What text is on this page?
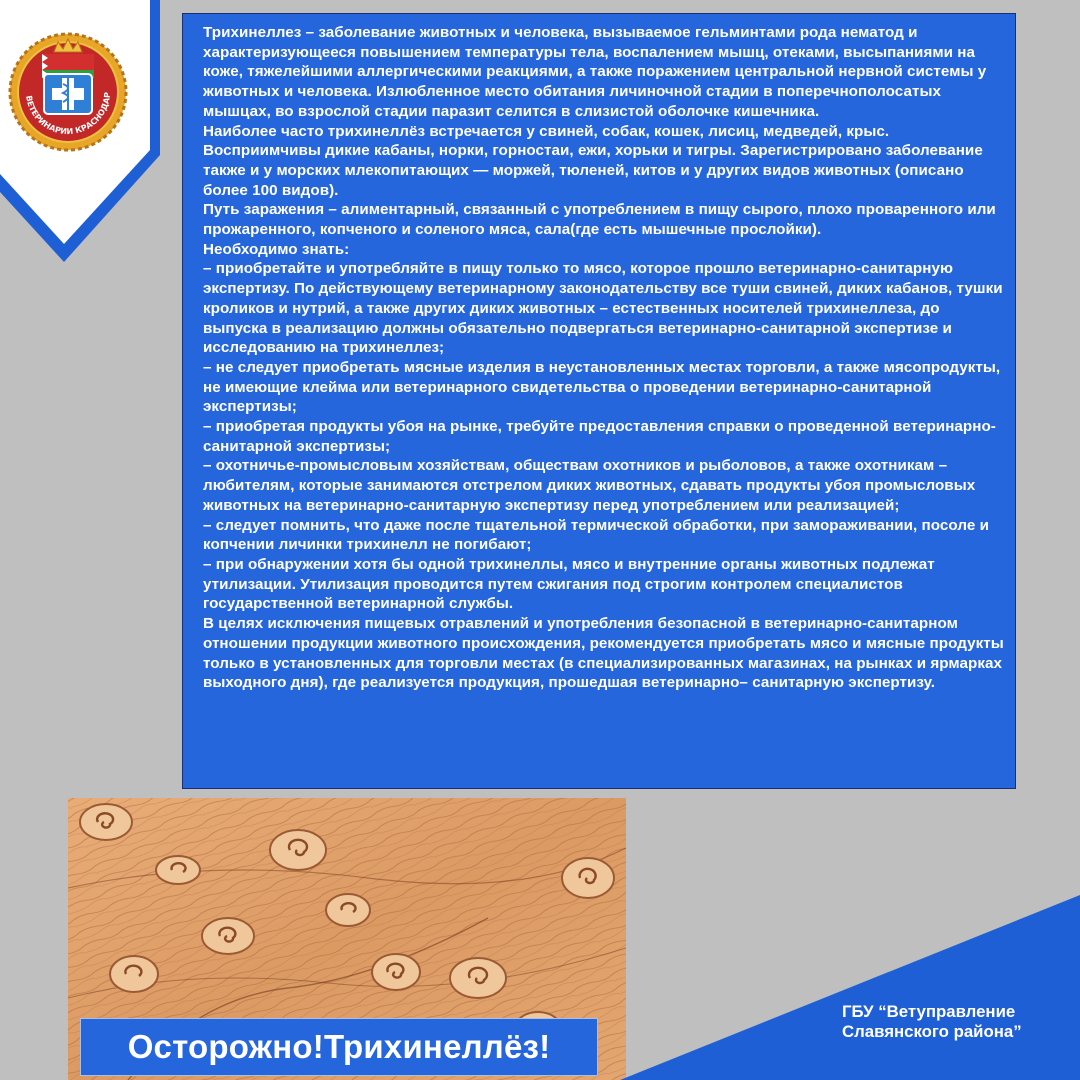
ВЕТЕРИНАРИИ КРАСНОДАР

Трихинеллез – заболевание животных и человека, вызываемое гельминтами рода нематод и характеризующееся повышением температуры тела, воспалением мышц, отеками, высыпаниями на коже, тяжелейшими аллергическими реакциями, а также поражением центральной нервной системы у животных и человека. Излюбленное место обитания личиночной стадии в поперечнополосатых мышцах, во взрослой стадии паразит селится в слизистой оболочке кишечника.

Наиболее часто трихинеллёз встречается у свиней, собак, кошек, лисиц, медведей, крыс. Восприимчивы дикие кабаны, норки, горностаи, ежи, хорьки и тигры. Зарегистрировано заболевание также и у морских млекопитающих — моржей, тюленей, китов и у других видов животных (описано более 100 видов).

Путь заражения – алиментарный, связанный с употреблением в пищу сырого, плохо проваренного или прожаренного, копченого и соленого мяса, сала(где есть мышечные прослойки).

Необходимо знать:

– приобретайте и употребляйте в пищу только то мясо, которое прошло ветеринарно-санитарную экспертизу. По действующему ветеринарному законодательству все туши свиней, диких кабанов, тушки кроликов и нутрий, а также других диких животных – естественных носителей трихинеллеза, до выпуска в реализацию должны обязательно подвергаться ветеринарно-санитарной экспертизе и исследованию на трихинеллез;

– не следует приобретать мясные изделия в неустановленных местах торговли, а также мясопродукты, не имеющие клейма или ветеринарного свидетельства о проведении ветеринарно-санитарной экспертизы;

– приобретая продукты убоя на рынке, требуйте предоставления справки о проведенной ветеринарно-санитарной экспертизы;

– охотничье-промысловым хозяйствам, обществам охотников и рыболовов, а также охотникам – любителям, которые занимаются отстрелом диких животных, сдавать продукты убоя промысловых животных на ветеринарно-санитарную экспертизу перед употреблением или реализацией;

– следует помнить, что даже после тщательной термической обработки, при замораживании, посоле и копчении личинки трихинелл не погибают;

– при обнаружении хотя бы одной трихинеллы, мясо и внутренние органы животных подлежат утилизации. Утилизация проводится путем сжигания под строгим контролем специалистов государственной ветеринарной службы.

В целях исключения пищевых отравлений и употребления безопасной в ветеринарно-санитарном отношении продукции животного происхождения, рекомендуется приобретать мясо и мясные продукты только в установленных для торговли местах (в специализированных магазинах, на рынках и ярмарках выходного дня), где реализуется продукция, прошедшая ветеринарно– санитарную экспертизу.

Осторожно!Трихинеллёз!
ГБУ “Ветуправление
Славянского района”
